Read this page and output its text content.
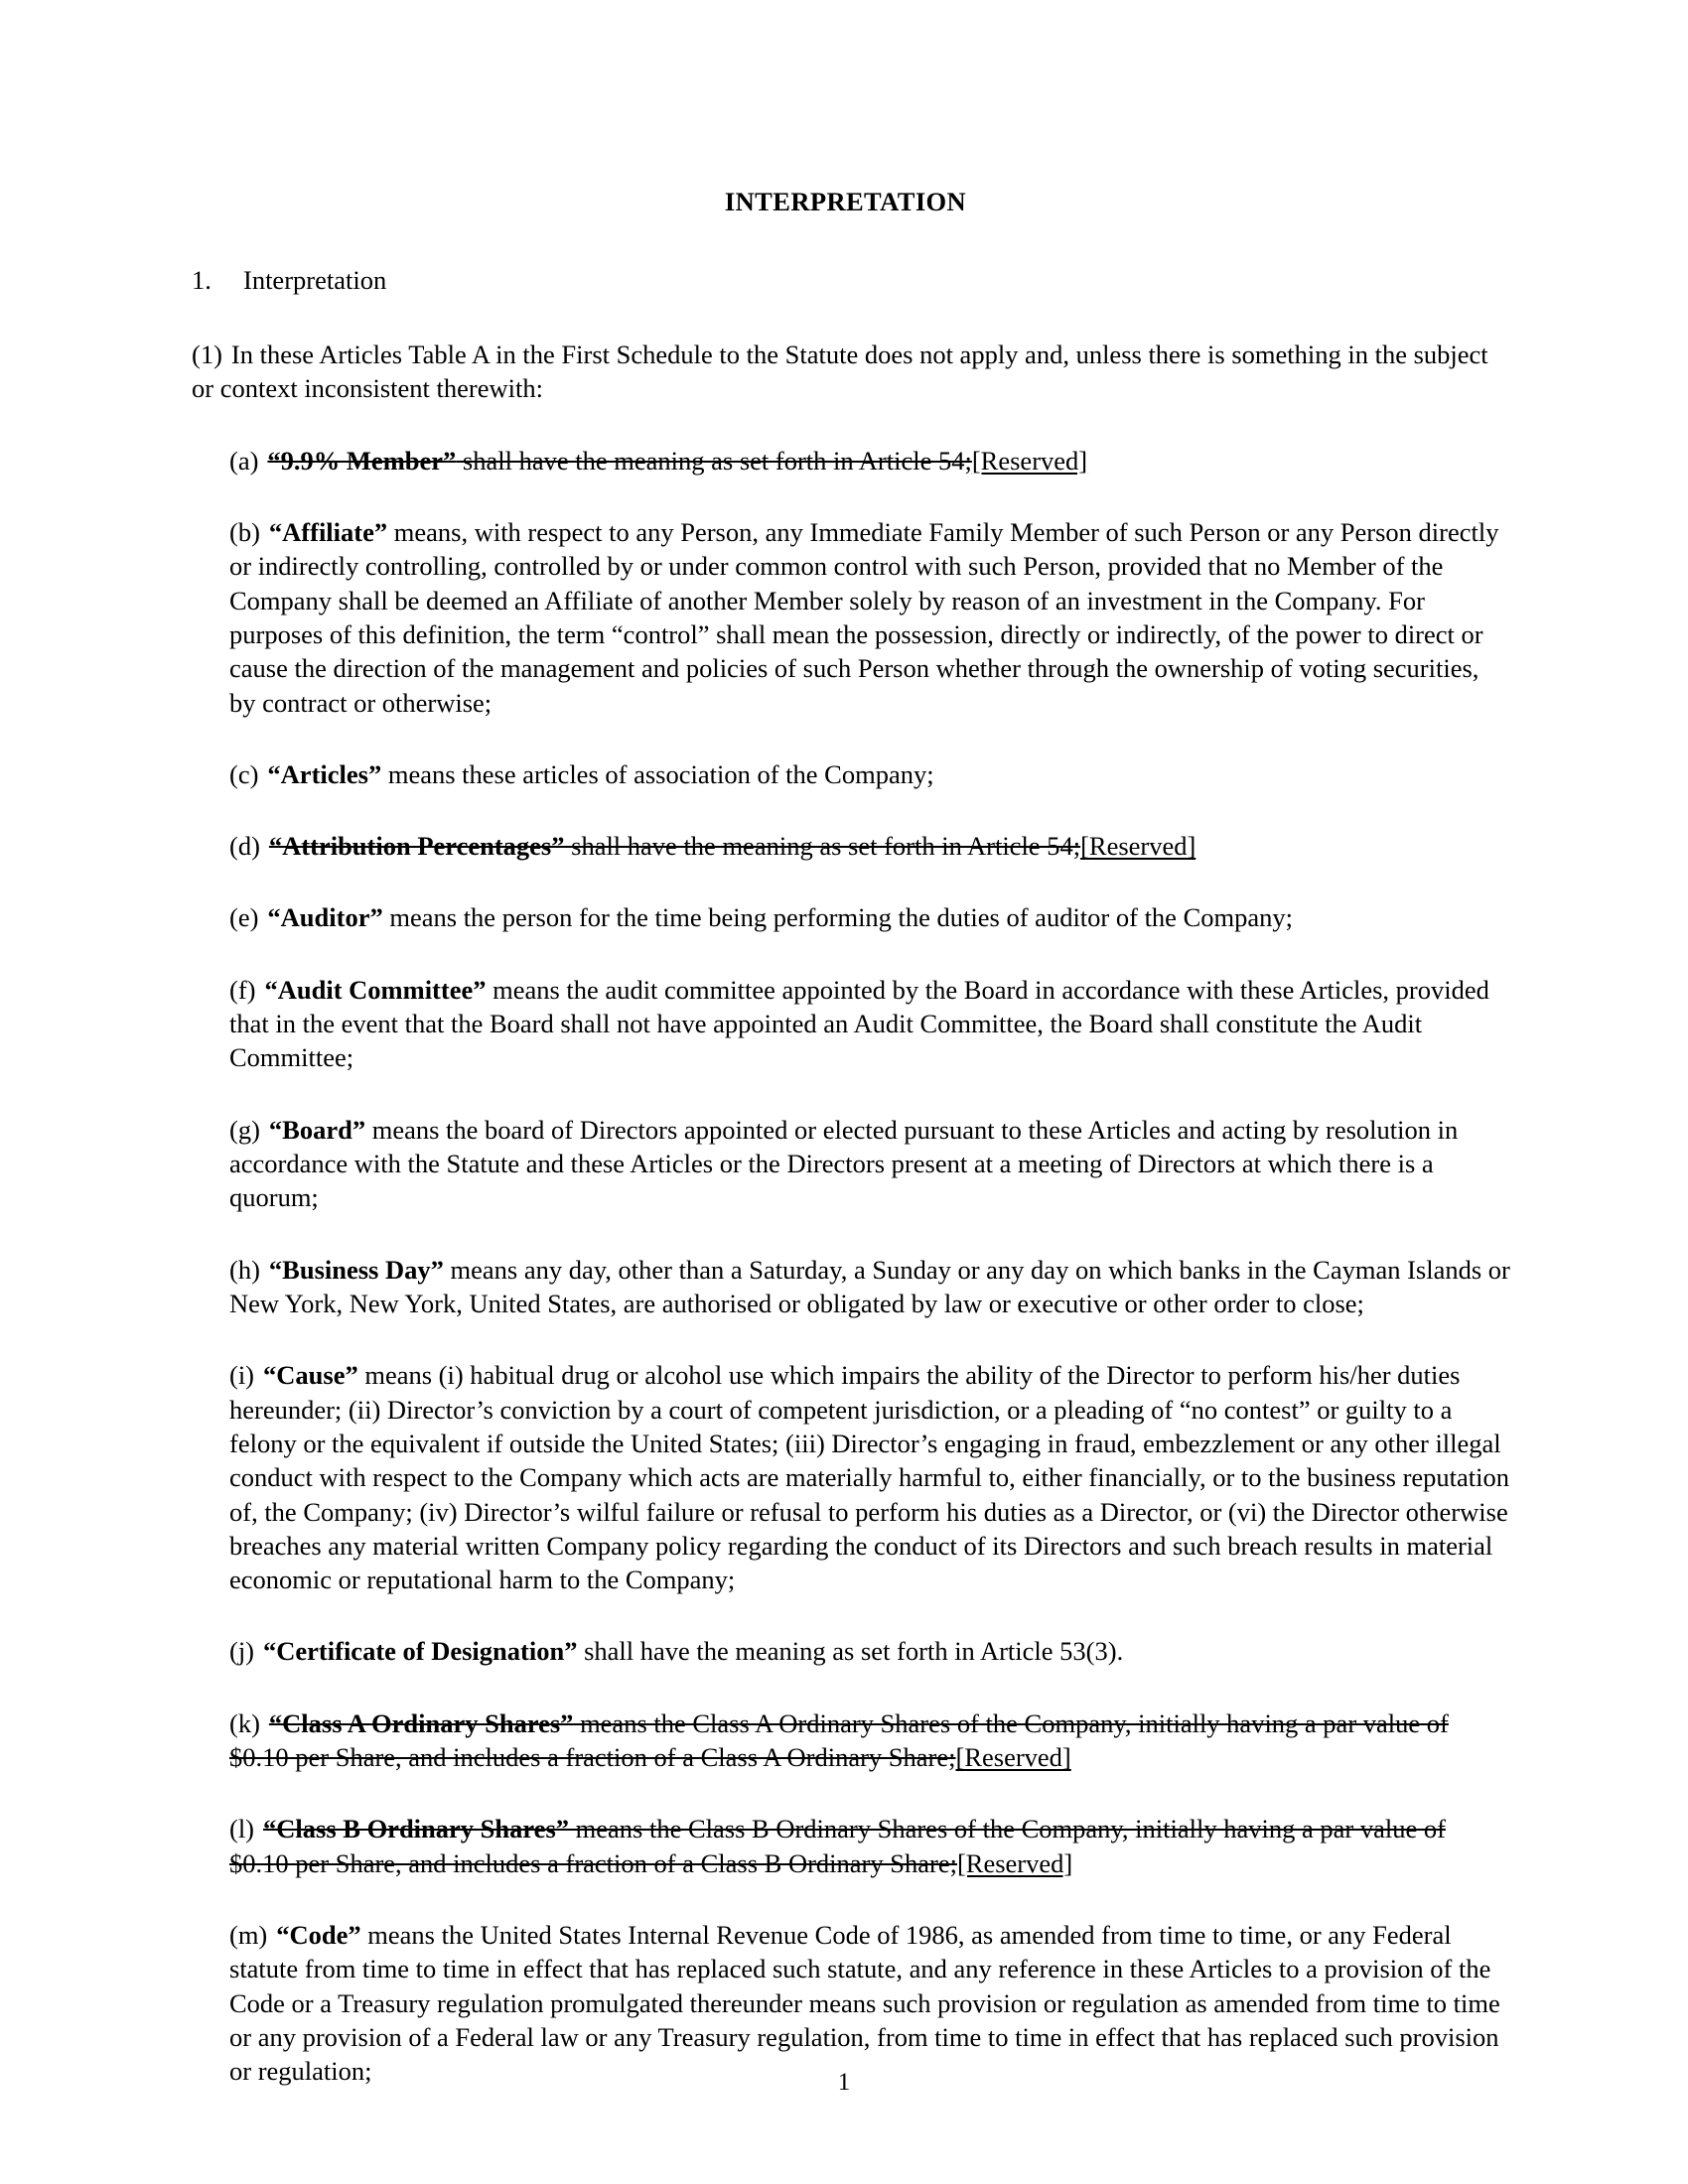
INTERPRETATION
1.	Interpretation
(1) In these Articles Table A in the First Schedule to the Statute does not apply and, unless there is something in the subject or context inconsistent therewith:
(a) “9.9% Member” shall have the meaning as set forth in Article 54;[Reserved]
(b) “Affiliate” means, with respect to any Person, any Immediate Family Member of such Person or any Person directly or indirectly controlling, controlled by or under common control with such Person, provided that no Member of the Company shall be deemed an Affiliate of another Member solely by reason of an investment in the Company. For purposes of this definition, the term “control” shall mean the possession, directly or indirectly, of the power to direct or cause the direction of the management and policies of such Person whether through the ownership of voting securities, by contract or otherwise;
(c) “Articles” means these articles of association of the Company;
(d) “Attribution Percentages” shall have the meaning as set forth in Article 54;[Reserved]
(e) “Auditor” means the person for the time being performing the duties of auditor of the Company;
(f) “Audit Committee” means the audit committee appointed by the Board in accordance with these Articles, provided that in the event that the Board shall not have appointed an Audit Committee, the Board shall constitute the Audit Committee;
(g) “Board” means the board of Directors appointed or elected pursuant to these Articles and acting by resolution in accordance with the Statute and these Articles or the Directors present at a meeting of Directors at which there is a quorum;
(h) “Business Day” means any day, other than a Saturday, a Sunday or any day on which banks in the Cayman Islands or New York, New York, United States, are authorised or obligated by law or executive or other order to close;
(i) “Cause” means (i) habitual drug or alcohol use which impairs the ability of the Director to perform his/her duties hereunder; (ii) Director’s conviction by a court of competent jurisdiction, or a pleading of “no contest” or guilty to a felony or the equivalent if outside the United States; (iii) Director’s engaging in fraud, embezzlement or any other illegal conduct with respect to the Company which acts are materially harmful to, either financially, or to the business reputation of, the Company; (iv) Director’s wilful failure or refusal to perform his duties as a Director, or (vi) the Director otherwise breaches any material written Company policy regarding the conduct of its Directors and such breach results in material economic or reputational harm to the Company;
(j) “Certificate of Designation” shall have the meaning as set forth in Article 53(3).
(k) “Class A Ordinary Shares” means the Class A Ordinary Shares of the Company, initially having a par value of $0.10 per Share, and includes a fraction of a Class A Ordinary Share;[Reserved]
(l) “Class B Ordinary Shares” means the Class B Ordinary Shares of the Company, initially having a par value of $0.10 per Share, and includes a fraction of a Class B Ordinary Share;[Reserved]
(m) “Code” means the United States Internal Revenue Code of 1986, as amended from time to time, or any Federal statute from time to time in effect that has replaced such statute, and any reference in these Articles to a provision of the Code or a Treasury regulation promulgated thereunder means such provision or regulation as amended from time to time or any provision of a Federal law or any Treasury regulation, from time to time in effect that has replaced such provision or regulation;	1
